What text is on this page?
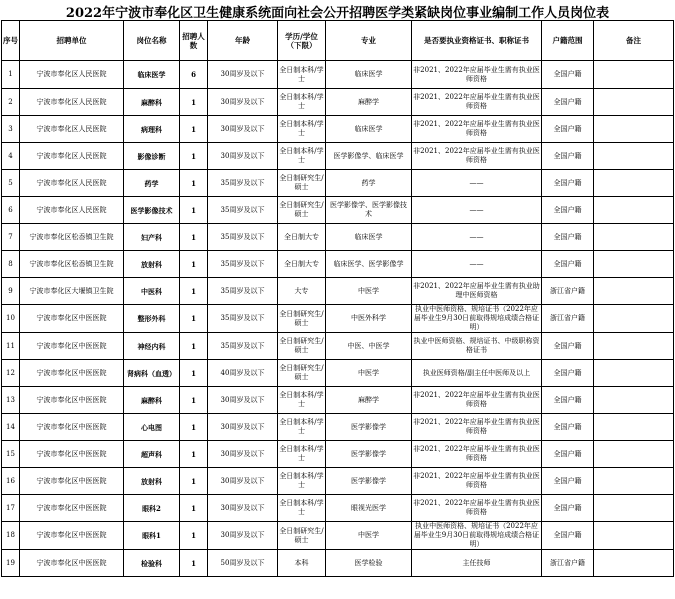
2022年宁波市奉化区卫生健康系统面向社会公开招聘医学类紧缺岗位事业编制工作人员岗位表
序号	招聘单位	岗位名称	招聘人数	年龄	学历/学位（下限）	专业	是否要执业资格证书、职称证书	户籍范围	备注
1	宁波市奉化区人民医院	临床医学	6	30周岁及以下	全日制本科/学士	临床医学	非2021、2022年应届毕业生需有执业医师资格	全国户籍	
2	宁波市奉化区人民医院	麻醉科	1	30周岁及以下	全日制本科/学士	麻醉学	非2021、2022年应届毕业生需有执业医师资格	全国户籍	
3	宁波市奉化区人民医院	病理科	1	30周岁及以下	全日制本科/学士	临床医学	非2021、2022年应届毕业生需有执业医师资格	全国户籍	
4	宁波市奉化区人民医院	影像诊断	1	30周岁及以下	全日制本科/学士	医学影像学、临床医学	非2021、2022年应届毕业生需有执业医师资格	全国户籍	
5	宁波市奉化区人民医院	药学	1	35周岁及以下	全日制研究生/硕士	药学	——	全国户籍	
6	宁波市奉化区人民医院	医学影像技术	1	35周岁及以下	全日制研究生/硕士	医学影像学、医学影像技术	——	全国户籍	
7	宁波市奉化区松岙镇卫生院	妇产科	1	35周岁及以下	全日制大专	临床医学	——	全国户籍	
8	宁波市奉化区松岙镇卫生院	放射科	1	35周岁及以下	全日制大专	临床医学、医学影像学	——	全国户籍	
9	宁波市奉化区大堰镇卫生院	中医科	1	35周岁及以下	大专	中医学	非2021、2022年应届毕业生需有执业助理中医师资格	浙江省户籍	
10	宁波市奉化区中医医院	整形外科	1	35周岁及以下	全日制研究生/硕士	中医外科学	执业中医师资格、规培证书（2022年应届毕业生9月30日前取得规培成绩合格证明）	浙江省户籍	
11	宁波市奉化区中医医院	神经内科	1	35周岁及以下	全日制研究生/硕士	中医、中医学	执业中医师资格、规培证书、中级职称资格证书	全国户籍	
12	宁波市奉化区中医医院	肾病科（血透）	1	40周岁及以下	全日制研究生/硕士	中医学	执业医师资格/副主任中医师及以上	全国户籍	
13	宁波市奉化区中医医院	麻醉科	1	30周岁及以下	全日制本科/学士	麻醉学	非2021、2022年应届毕业生需有执业医师资格	全国户籍	
14	宁波市奉化区中医医院	心电图	1	30周岁及以下	全日制本科/学士	医学影像学	非2021、2022年应届毕业生需有执业医师资格	全国户籍	
15	宁波市奉化区中医医院	超声科	1	30周岁及以下	全日制本科/学士	医学影像学	非2021、2022年应届毕业生需有执业医师资格	全国户籍	
16	宁波市奉化区中医医院	放射科	1	30周岁及以下	全日制本科/学士	医学影像学	非2021、2022年应届毕业生需有执业医师资格	全国户籍	
17	宁波市奉化区中医医院	眼科2	1	30周岁及以下	全日制本科/学士	眼视光医学	非2021、2022年应届毕业生需有执业医师资格	全国户籍	
18	宁波市奉化区中医医院	眼科1	1	30周岁及以下	全日制研究生/硕士	中医学	执业中医师资格、规培证书（2022年应届毕业生9月30日前取得规培成绩合格证明）	全国户籍	
19	宁波市奉化区中医医院	检验科	1	50周岁及以下	本科	医学检验	主任技师	浙江省户籍	
